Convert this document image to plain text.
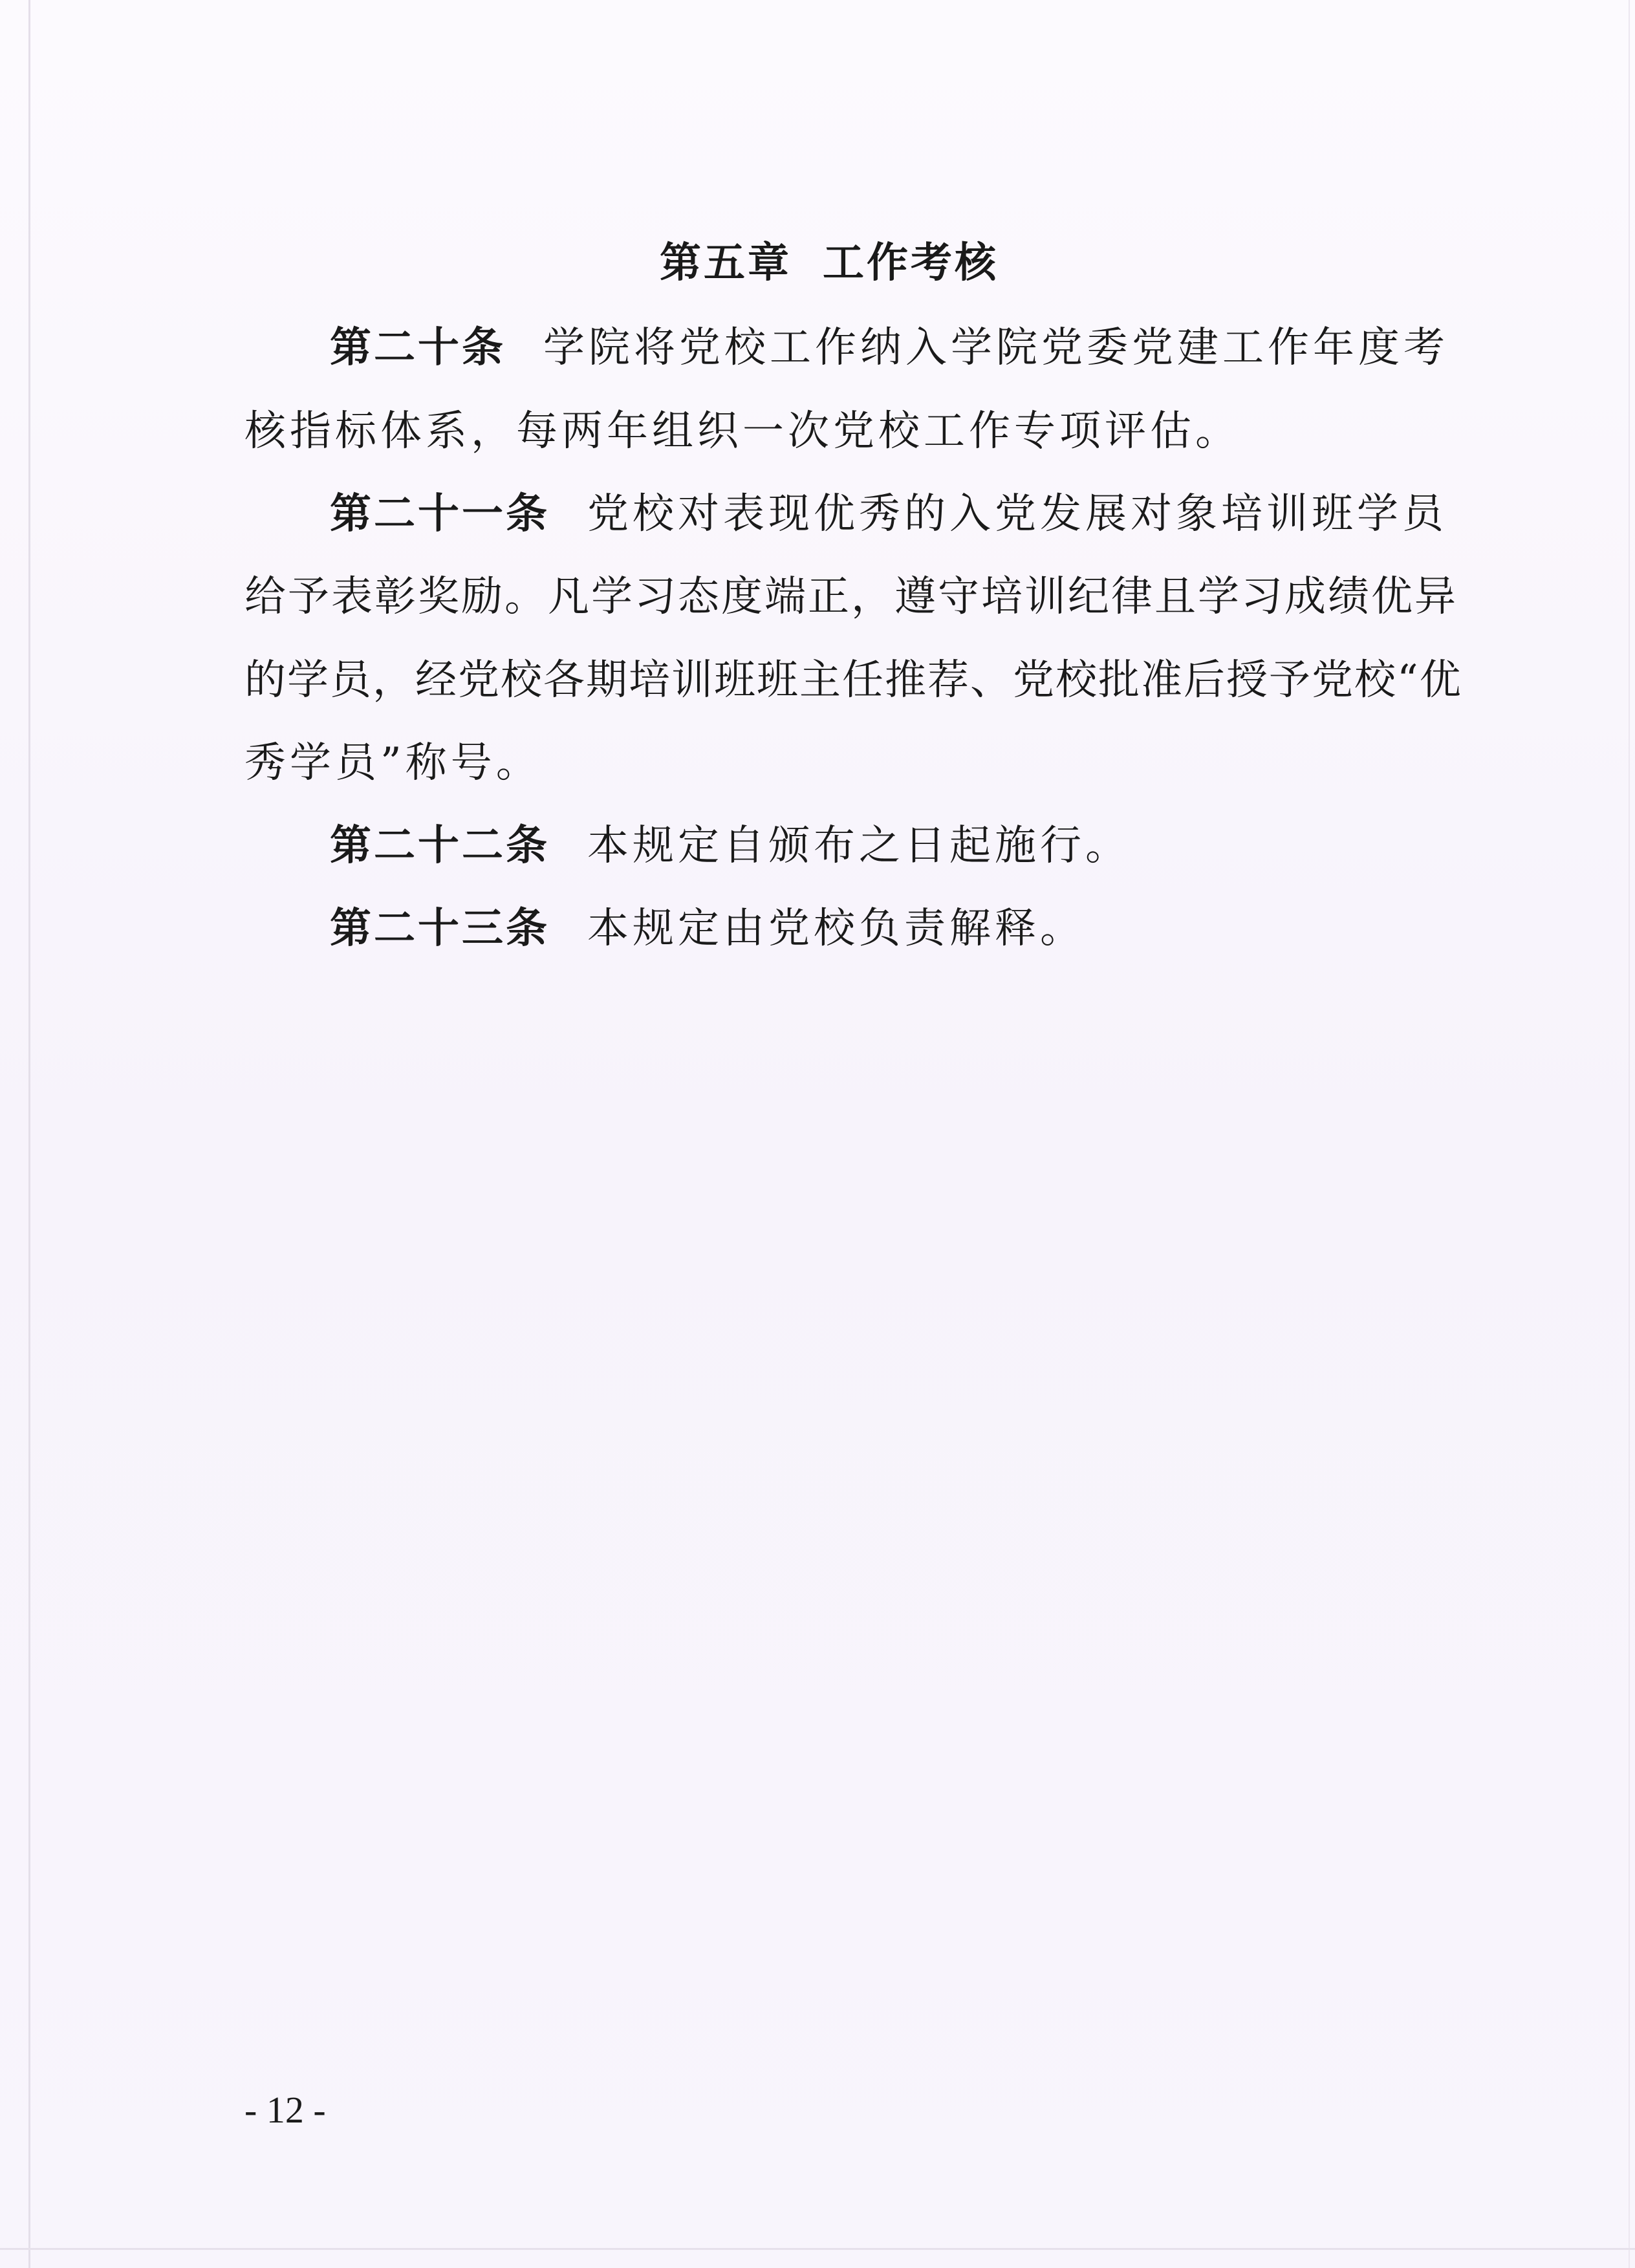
第五章 工作考核
第二十条 学院将党校工作纳入学院党委党建工作年度考
核指标体系，每两年组织一次党校工作专项评估。
第二十一条 党校对表现优秀的入党发展对象培训班学员
给予表彰奖励。凡学习态度端正，遵守培训纪律且学习成绩优异
的学员，经党校各期培训班班主任推荐、党校批准后授予党校“优
秀学员”称号。
第二十二条 本规定自颁布之日起施行。
第二十三条 本规定由党校负责解释。
- 12 -
